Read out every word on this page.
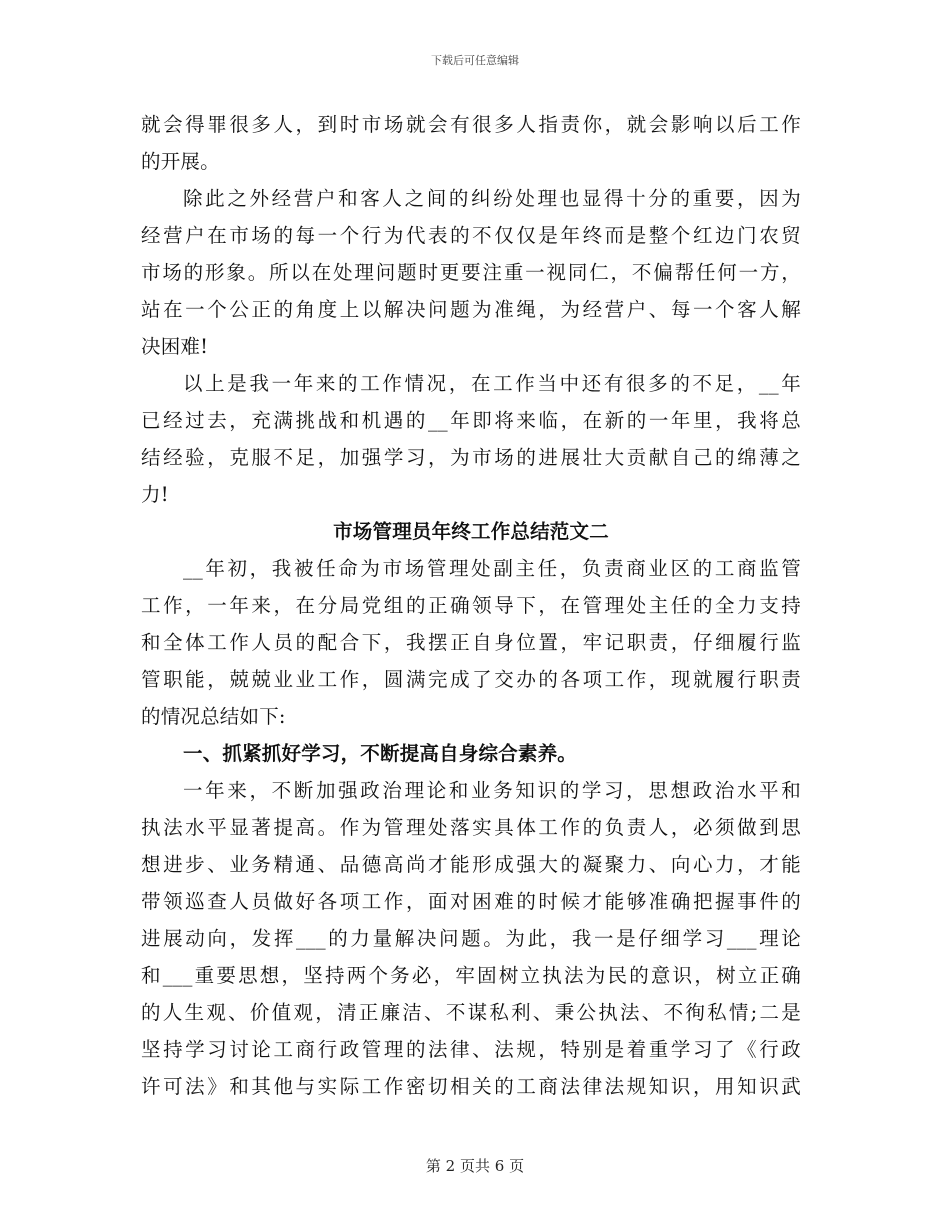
下载后可任意编辑
就会得罪很多人，到时市场就会有很多人指责你，就会影响以后工作
的开展。
除此之外经营户和客人之间的纠纷处理也显得十分的重要，因为
经营户在市场的每一个行为代表的不仅仅是年终而是整个红边门农贸
市场的形象。所以在处理问题时更要注重一视同仁，不偏帮任何一方，
站在一个公正的角度上以解决问题为准绳，为经营户、每一个客人解
决困难!
以上是我一年来的工作情况，在工作当中还有很多的不足，__年
已经过去，充满挑战和机遇的__年即将来临，在新的一年里，我将总
结经验，克服不足，加强学习，为市场的进展壮大贡献自己的绵薄之
力!
市场管理员年终工作总结范文二
__年初，我被任命为市场管理处副主任，负责商业区的工商监管
工作，一年来，在分局党组的正确领导下，在管理处主任的全力支持
和全体工作人员的配合下，我摆正自身位置，牢记职责，仔细履行监
管职能，兢兢业业工作，圆满完成了交办的各项工作，现就履行职责
的情况总结如下:
一、抓紧抓好学习，不断提高自身综合素养。
一年来，不断加强政治理论和业务知识的学习，思想政治水平和
执法水平显著提高。作为管理处落实具体工作的负责人，必须做到思
想进步、业务精通、品德高尚才能形成强大的凝聚力、向心力，才能
带领巡查人员做好各项工作，面对困难的时候才能够准确把握事件的
进展动向，发挥___的力量解决问题。为此，我一是仔细学习___理论
和___重要思想，坚持两个务必，牢固树立执法为民的意识，树立正确
的人生观、价值观，清正廉洁、不谋私利、秉公执法、不徇私情;二是
坚持学习讨论工商行政管理的法律、法规，特别是着重学习了《行政
许可法》和其他与实际工作密切相关的工商法律法规知识，用知识武
第 2 页共 6 页
